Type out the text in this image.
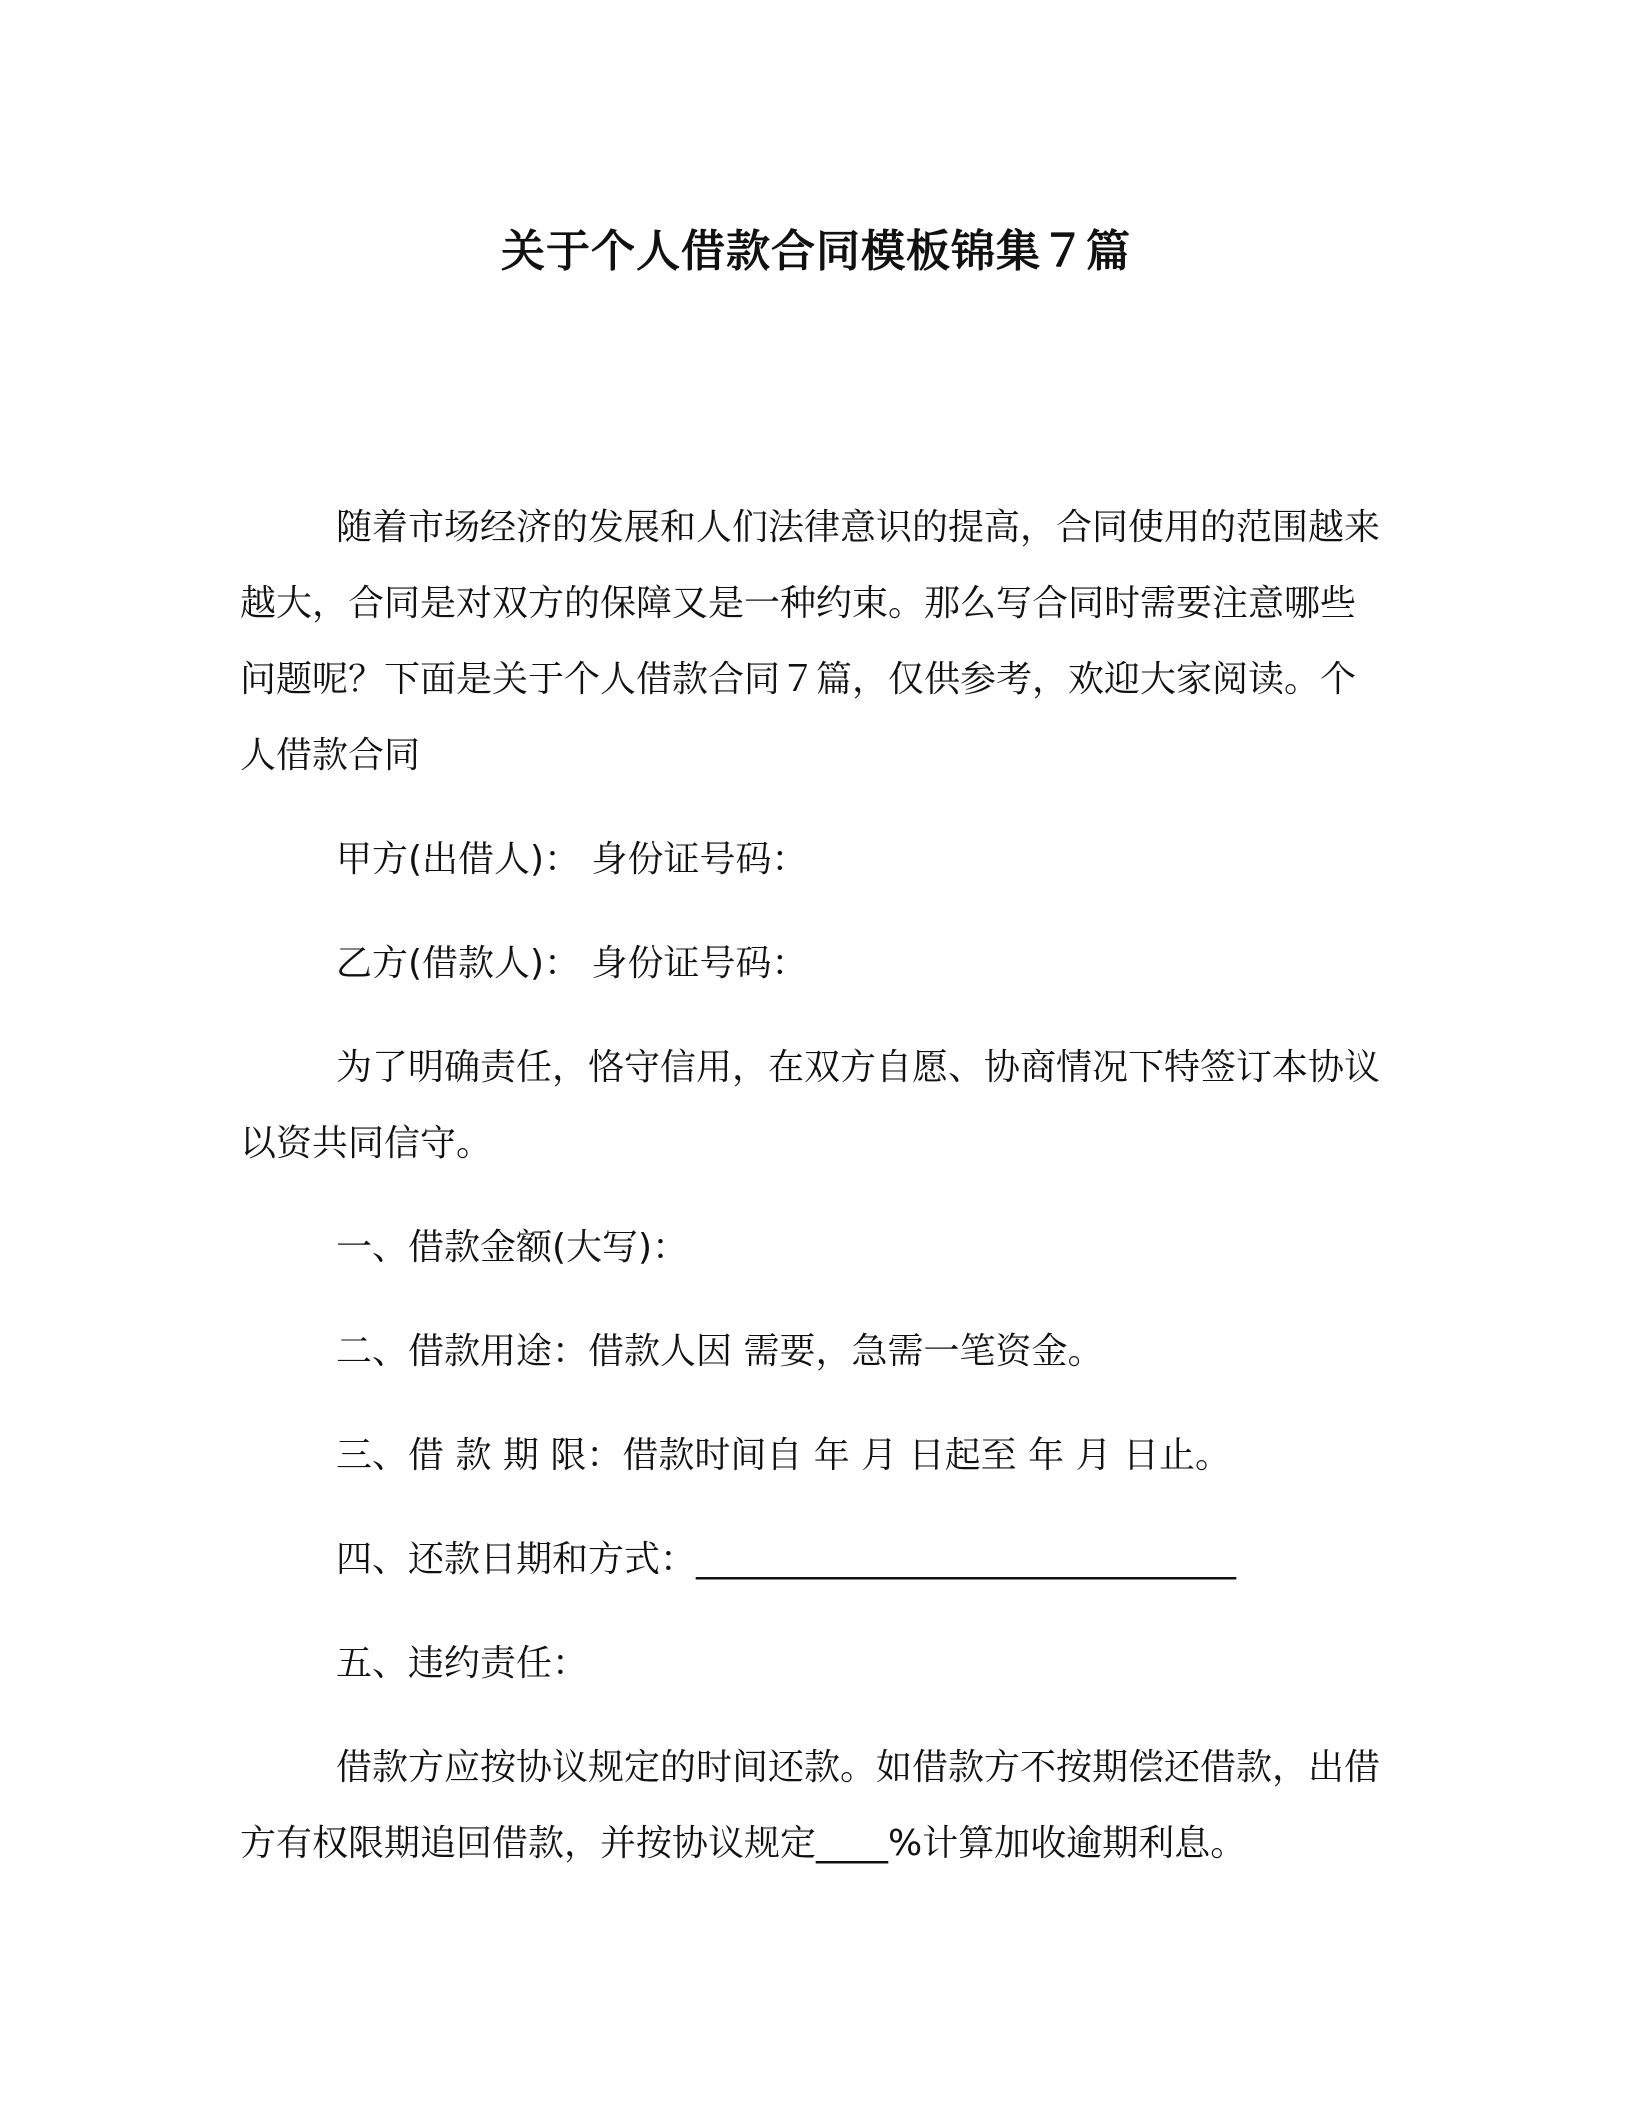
关于个人借款合同模板锦集７篇

随着市场经济的发展和人们法律意识的提高，合同使用的范围越来越大，合同是对双方的保障又是一种约束。那么写合同时需要注意哪些问题呢？下面是关于个人借款合同７篇，仅供参考，欢迎大家阅读。个人借款合同

甲方(出借人)： 身份证号码：

乙方(借款人)： 身份证号码：

为了明确责任，恪守信用，在双方自愿、协商情况下特签订本协议以资共同信守。

一、借款金额(大写)：

二、借款用途：借款人因 需要，急需一笔资金。

三、借 款 期 限：借款时间自 年 月 日起至 年 月 日止。

四、还款日期和方式：______________________________

五、违约责任：

借款方应按协议规定的时间还款。如借款方不按期偿还借款，出借方有权限期追回借款，并按协议规定____%计算加收逾期利息。
